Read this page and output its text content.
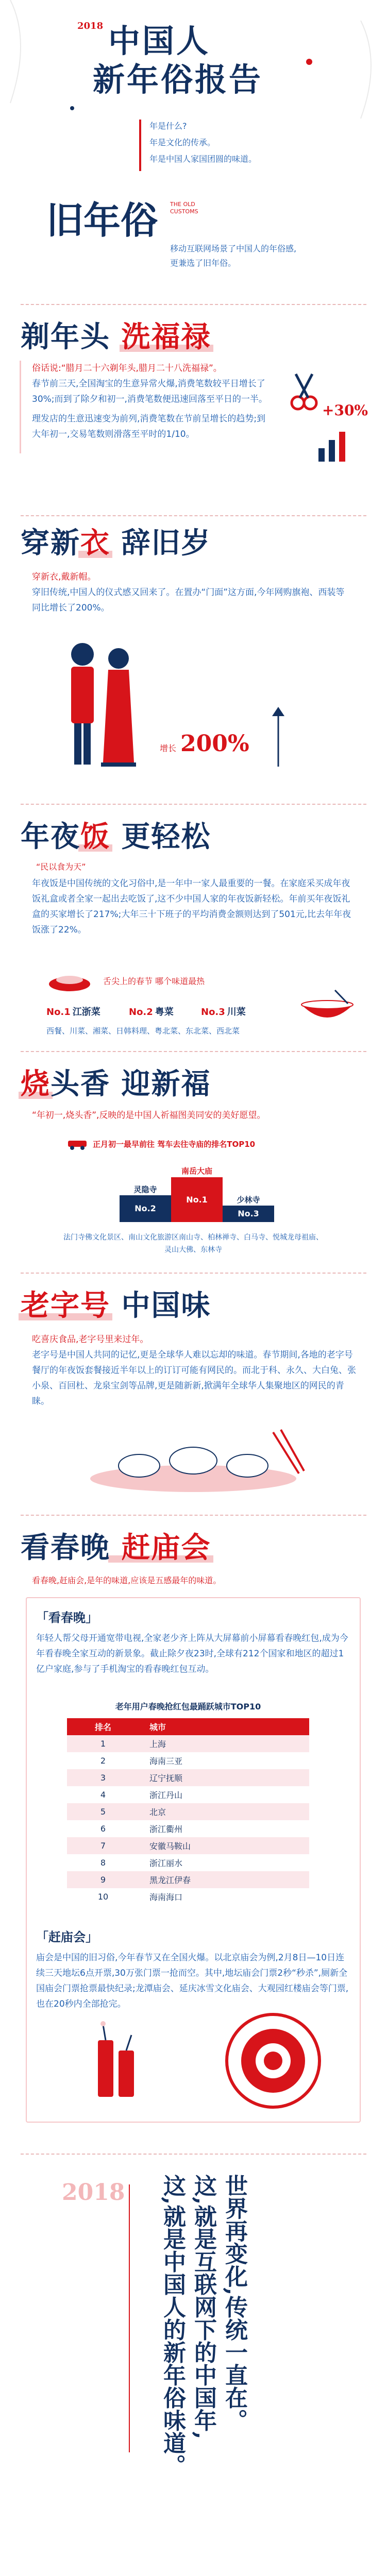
2018 中国人
新年俗报告
年是什么?
年是文化的传承。
年是中国人家国团圆的味道。
旧年俗 THE OLD CUSTOMS
移动互联网场景了中国人的年俗感,
更兼选了旧年俗。
剃年头 洗福禄
俗话说:“腊月二十六剃年头,腊月二十八洗福禄”。
春节前三天,全国淘宝的生意异常火爆,消费笔数较平日增长了30%;而到了除夕和初一,消费笔数便迅速回落至平日的一半。
理发店的生意迅速变为前列,消费笔数在节前呈增长的趋势;到大年初一,交易笔数则滑落至平时的1/10。
+30%
穿新衣 辞旧岁
穿新衣,戴新帽。
穿旧传统,中国人的仪式感又回来了。在置办“门面”这方面,今年网购旗袍、西装等同比增长了200%。
增长 200%
年夜饭 更轻松
“民以食为天”
年夜饭是中国传统的文化习俗中,是一年中一家人最重要的一餐。在家庭采买成年夜饭礼盒或者全家一起出去吃饭了,这不少中国人家的年夜饭新轻松。年前买年夜饭礼盒的买家增长了217%;大年三十下班子的平均消费金额则达到了501元,比去年年夜饭涨了22%。
舌尖上的春节 哪个味道最热
No.1 江浙菜	No.2 粤菜	No.3 川菜
西餐、川菜、湘菜、日韩料理、粤北菜、东北菜、西北菜
烧头香 迎新福
“年初一,烧头香”,反映的是中国人祈福图美同安的美好愿望。
正月初一最早前往 驾车去往寺庙的排名TOP10
灵隐寺
南岳大庙
少林寺
No.2
No.1
No.3
法门寺佛文化景区、南山文化旅游区南山寺、柏林禅寺、白马寺、悦城龙母祖庙、灵山大佛、东林寺
老字号 中国味
吃喜庆食品,老字号里来过年。
老字号是中国人共同的记忆,更是全球华人难以忘却的味道。春节期间,各地的老字号餐厅的年夜饭套餐接近半年以上的订订可能有网民的。而北于科、永久、大白兔、张小泉、百回杜、龙泉宝剑等品牌,更是随新新,掀满年全球华人集聚地区的网民的青睐。
看春晚 赶庙会
看春晚,赶庙会,是年的味道,应该是五感最年的味道。
「看春晚」
年轻人帮父母开通宽带电视,全家老少齐上阵从大屏幕前小屏幕看春晚红包,成为今年看春晚全家互动的新景象。截止除夕夜23时,全球有212个国家和地区的超过1亿户家庭,参与了手机淘宝的看春晚红包互动。
老年用户春晚抢红包最踊跃城市TOP10
排名	城市
1	上海
2	海南三亚
3	辽宁抚顺
4	浙江丹山
5	北京
6	浙江衢州
7	安徽马鞍山
8	浙江丽水
9	黑龙江伊春
10	海南海口
「赶庙会」
庙会是中国的旧习俗,今年春节又在全国火爆。以北京庙会为例,2月8日—10日连续三天地坛6点开票,30万张门票一抢而空。其中,地坛庙会门票2秒“秒杀”,厕新全国庙会门票抢票最快纪录;龙潭庙会、延庆冰雪文化庙会、大观园红楼庙会等门票,也在20秒内全部抢完。
2018	世界再变化,传统一直在。
这,就是互联网下的中国年,
这,就是中国人的新年俗味道。
